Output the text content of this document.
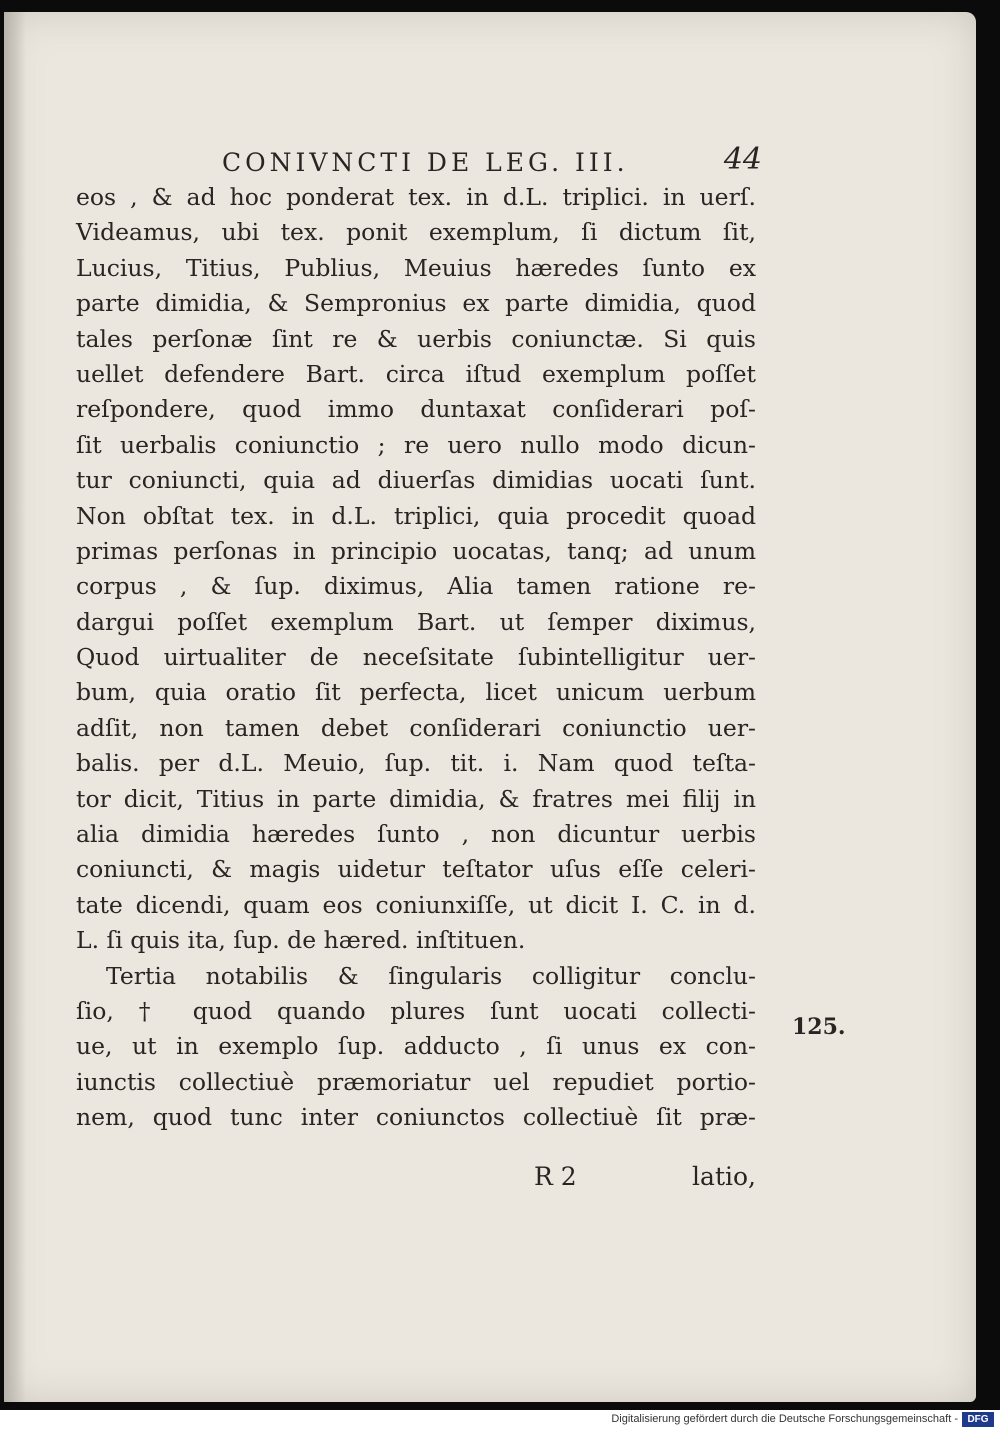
CONIVNCTI DE LEG. III.	44
eos , & ad hoc ponderat tex. in d.L. triplici. in uerſ.
Videamus, ubi tex. ponit exemplum, ſi dictum ſit,
Lucius, Titius, Publius, Meuius hæredes ſunto ex
parte dimidia, & Sempronius ex parte dimidia, quod
tales perſonæ ſint re & uerbis coniunctæ. Si quis
uellet defendere Bart. circa iſtud exemplum poſſet
reſpondere, quod immo duntaxat conſiderari poſ-
ſit uerbalis coniunctio ; re uero nullo modo dicun-
tur coniuncti, quia ad diuerſas dimidias uocati ſunt.
Non obſtat tex. in d.L. triplici, quia procedit quoad
primas perſonas in principio uocatas, tanq; ad unum
corpus , & ſup. diximus, Alia tamen ratione re-
dargui poſſet exemplum Bart. ut ſemper diximus,
Quod uirtualiter de neceſsitate ſubintelligitur uer-
bum, quia oratio ſit perfecta, licet unicum uerbum
adſit, non tamen debet conſiderari coniunctio uer-
balis. per d.L. Meuio, ſup. tit. i. Nam quod teſta-
tor dicit, Titius in parte dimidia, & fratres mei filij in
alia dimidia hæredes ſunto , non dicuntur uerbis
coniuncti, & magis uidetur teſtator uſus eſſe celeri-
tate dicendi, quam eos coniunxiſſe, ut dicit I. C. in d.
L. ſi quis ita, ſup. de hæred. inſtituen.
Tertia notabilis & ſingularis colligitur conclu-
ſio, † quod quando plures ſunt uocati collecti-
ue, ut in exemplo ſup. adducto , ſi unus ex con-
iunctis collectiuè præmoriatur uel repudiet portio-
nem, quod tunc inter coniunctos collectiuè ſit præ-
R 2	latio,
125.
Digitalisierung gefördert durch die Deutsche Forschungsgemeinschaft - DFG
